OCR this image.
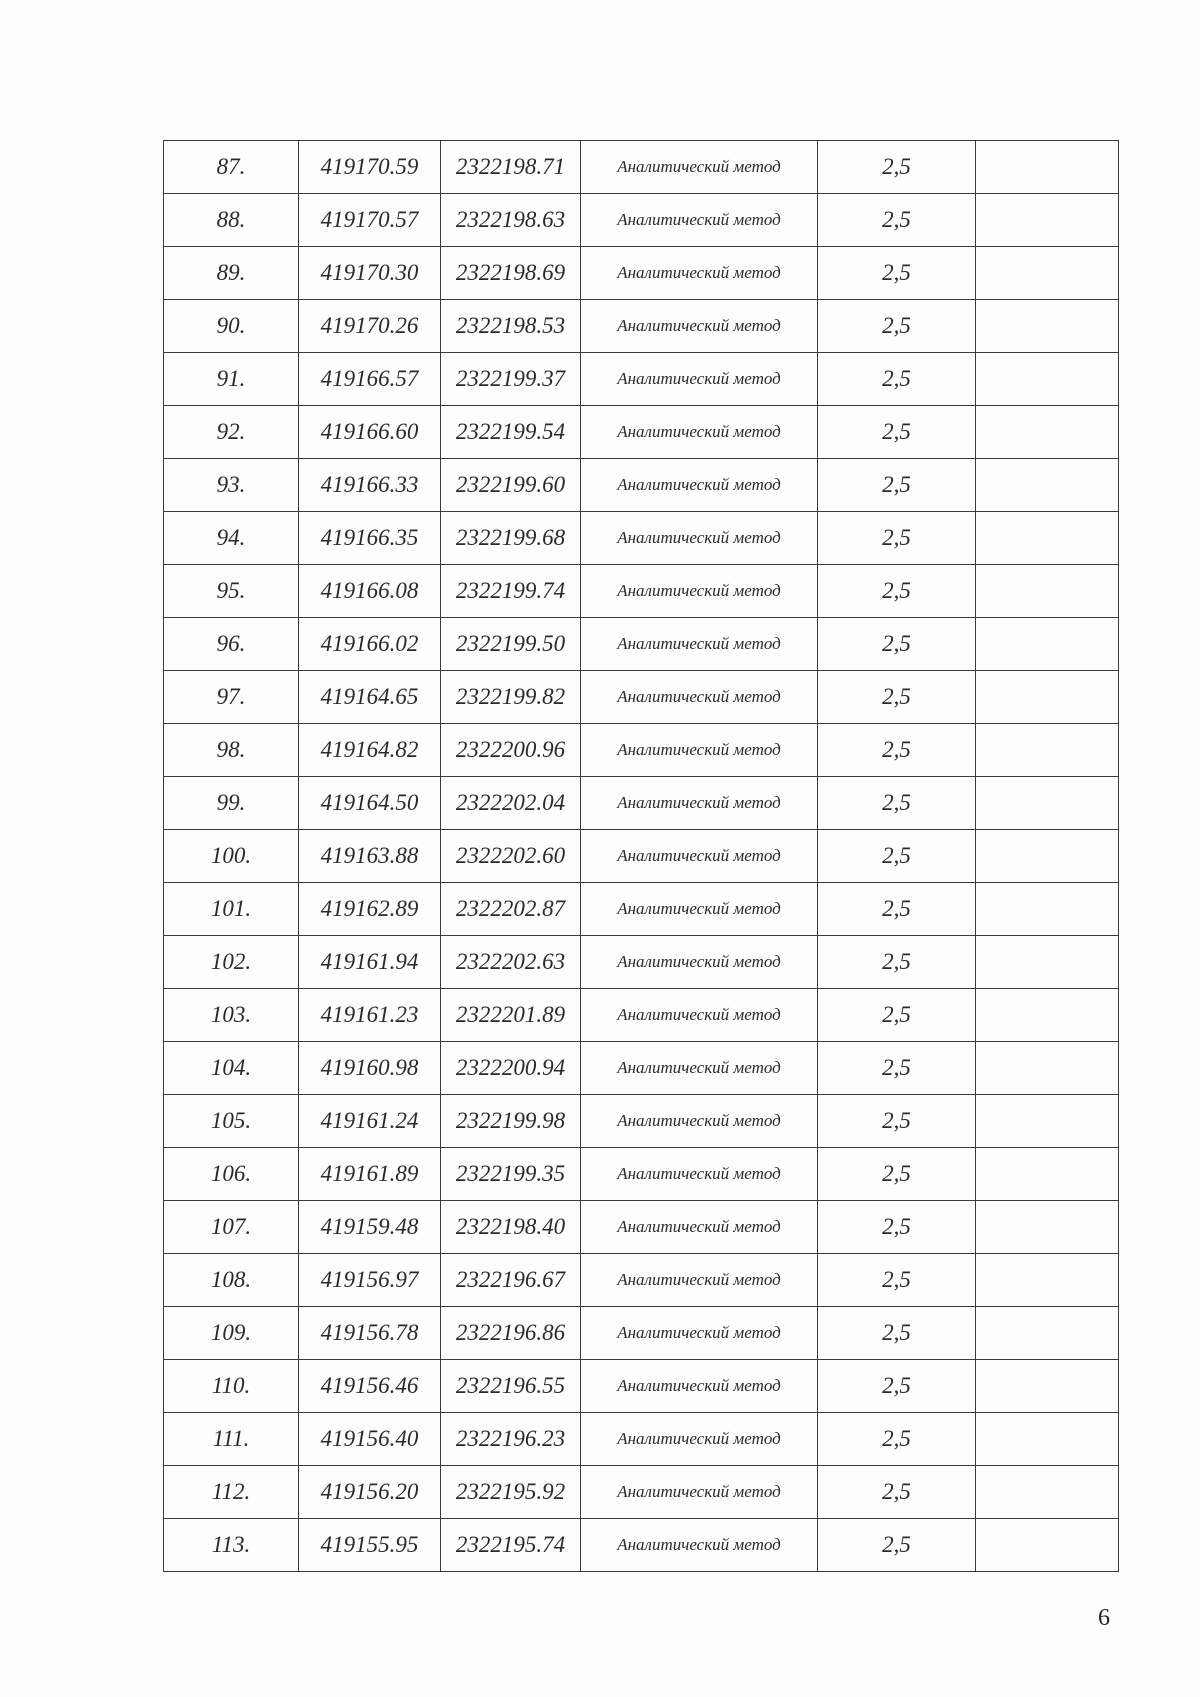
87.	419170.59	2322198.71	Аналитический метод	2,5	
88.	419170.57	2322198.63	Аналитический метод	2,5	
89.	419170.30	2322198.69	Аналитический метод	2,5	
90.	419170.26	2322198.53	Аналитический метод	2,5	
91.	419166.57	2322199.37	Аналитический метод	2,5	
92.	419166.60	2322199.54	Аналитический метод	2,5	
93.	419166.33	2322199.60	Аналитический метод	2,5	
94.	419166.35	2322199.68	Аналитический метод	2,5	
95.	419166.08	2322199.74	Аналитический метод	2,5	
96.	419166.02	2322199.50	Аналитический метод	2,5	
97.	419164.65	2322199.82	Аналитический метод	2,5	
98.	419164.82	2322200.96	Аналитический метод	2,5	
99.	419164.50	2322202.04	Аналитический метод	2,5	
100.	419163.88	2322202.60	Аналитический метод	2,5	
101.	419162.89	2322202.87	Аналитический метод	2,5	
102.	419161.94	2322202.63	Аналитический метод	2,5	
103.	419161.23	2322201.89	Аналитический метод	2,5	
104.	419160.98	2322200.94	Аналитический метод	2,5	
105.	419161.24	2322199.98	Аналитический метод	2,5	
106.	419161.89	2322199.35	Аналитический метод	2,5	
107.	419159.48	2322198.40	Аналитический метод	2,5	
108.	419156.97	2322196.67	Аналитический метод	2,5	
109.	419156.78	2322196.86	Аналитический метод	2,5	
110.	419156.46	2322196.55	Аналитический метод	2,5	
111.	419156.40	2322196.23	Аналитический метод	2,5	
112.	419156.20	2322195.92	Аналитический метод	2,5	
113.	419155.95	2322195.74	Аналитический метод	2,5	
6
